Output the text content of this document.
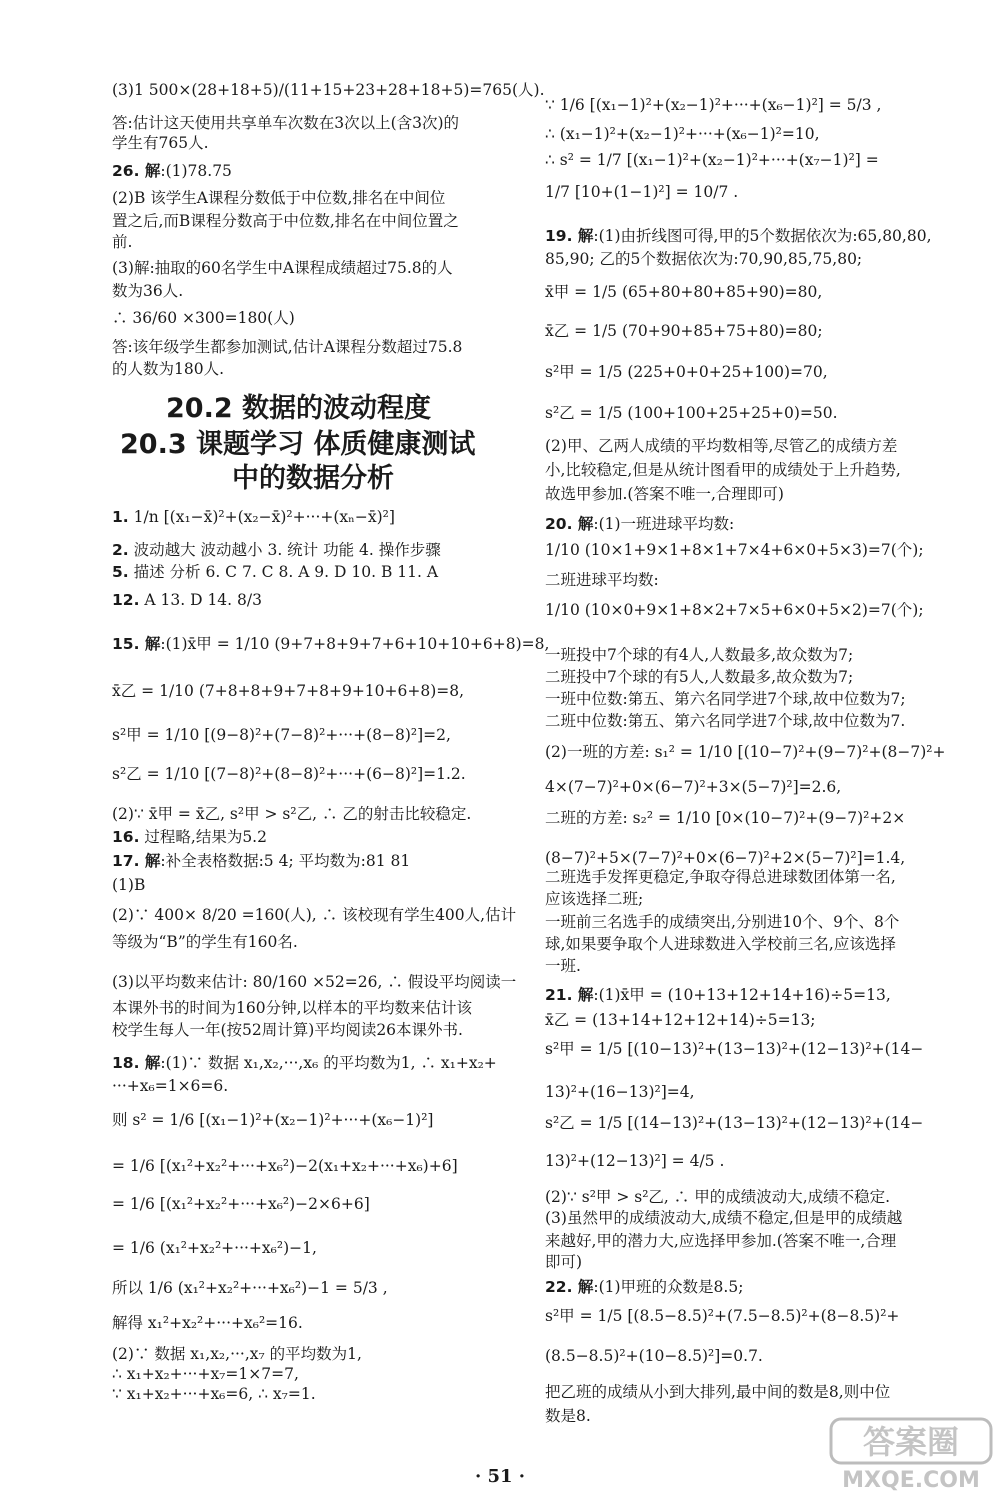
(3)1 500×(28+18+5)/(11+15+23+28+18+5)=765(人).
答:估计这天使用共享单车次数在3次以上(含3次)的
学生有765人.
26. 解:(1)78.75
(2)B 该学生A课程分数低于中位数,排名在中间位
置之后,而B课程分数高于中位数,排名在中间位置之
前.
(3)解:抽取的60名学生中A课程成绩超过75.8的人
数为36人.
∴ 36/60 ×300=180(人)
答:该年级学生都参加测试,估计A课程分数超过75.8
的人数为180人.
1. 1/n [(x₁−x̄)²+(x₂−x̄)²+···+(xₙ−x̄)²]
2. 波动越大 波动越小 3. 统计 功能 4. 操作步骤
5. 描述 分析 6. C 7. C 8. A 9. D 10. B 11. A
12. A 13. D 14. 8/3
15. 解:(1)x̄甲 = 1/10 (9+7+8+9+7+6+10+10+6+8)=8,
x̄乙 = 1/10 (7+8+8+9+7+8+9+10+6+8)=8,
s²甲 = 1/10 [(9−8)²+(7−8)²+···+(8−8)²]=2,
s²乙 = 1/10 [(7−8)²+(8−8)²+···+(6−8)²]=1.2.
(2)∵ x̄甲 = x̄乙, s²甲 > s²乙, ∴ 乙的射击比较稳定.
16. 过程略,结果为5.2
17. 解:补全表格数据:5 4; 平均数为:81 81
(1)B
(2)∵ 400× 8/20 =160(人), ∴ 该校现有学生400人,估计
等级为“B”的学生有160名.
(3)以平均数来估计: 80/160 ×52=26, ∴ 假设平均阅读一
本课外书的时间为160分钟,以样本的平均数来估计该
校学生每人一年(按52周计算)平均阅读26本课外书.
18. 解:(1)∵ 数据 x₁,x₂,···,x₆ 的平均数为1, ∴ x₁+x₂+
···+x₆=1×6=6.
则 s² = 1/6 [(x₁−1)²+(x₂−1)²+···+(x₆−1)²]
= 1/6 [(x₁²+x₂²+···+x₆²)−2(x₁+x₂+···+x₆)+6]
= 1/6 [(x₁²+x₂²+···+x₆²)−2×6+6]
= 1/6 (x₁²+x₂²+···+x₆²)−1,
所以 1/6 (x₁²+x₂²+···+x₆²)−1 = 5/3 ,
解得 x₁²+x₂²+···+x₆²=16.
(2)∵ 数据 x₁,x₂,···,x₇ 的平均数为1,
∴ x₁+x₂+···+x₇=1×7=7,
∵ x₁+x₂+···+x₆=6, ∴ x₇=1.
∵ 1/6 [(x₁−1)²+(x₂−1)²+···+(x₆−1)²] = 5/3 ,
∴ (x₁−1)²+(x₂−1)²+···+(x₆−1)²=10,
∴ s² = 1/7 [(x₁−1)²+(x₂−1)²+···+(x₇−1)²] =
1/7 [10+(1−1)²] = 10/7 .
19. 解:(1)由折线图可得,甲的5个数据依次为:65,80,80,
85,90; 乙的5个数据依次为:70,90,85,75,80;
x̄甲 = 1/5 (65+80+80+85+90)=80,
x̄乙 = 1/5 (70+90+85+75+80)=80;
s²甲 = 1/5 (225+0+0+25+100)=70,
s²乙 = 1/5 (100+100+25+25+0)=50.
(2)甲、乙两人成绩的平均数相等,尽管乙的成绩方差
小,比较稳定,但是从统计图看甲的成绩处于上升趋势,
故选甲参加.(答案不唯一,合理即可)
20. 解:(1)一班进球平均数:
1/10 (10×1+9×1+8×1+7×4+6×0+5×3)=7(个);
二班进球平均数:
1/10 (10×0+9×1+8×2+7×5+6×0+5×2)=7(个);
一班投中7个球的有4人,人数最多,故众数为7;
二班投中7个球的有5人,人数最多,故众数为7;
一班中位数:第五、第六名同学进7个球,故中位数为7;
二班中位数:第五、第六名同学进7个球,故中位数为7.
(2)一班的方差: s₁² = 1/10 [(10−7)²+(9−7)²+(8−7)²+
4×(7−7)²+0×(6−7)²+3×(5−7)²]=2.6,
二班的方差: s₂² = 1/10 [0×(10−7)²+(9−7)²+2×
(8−7)²+5×(7−7)²+0×(6−7)²+2×(5−7)²]=1.4,
二班选手发挥更稳定,争取夺得总进球数团体第一名,
应该选择二班;
一班前三名选手的成绩突出,分别进10个、9个、8个
球,如果要争取个人进球数进入学校前三名,应该选择
一班.
21. 解:(1)x̄甲 = (10+13+12+14+16)÷5=13,
x̄乙 = (13+14+12+12+14)÷5=13;
s²甲 = 1/5 [(10−13)²+(13−13)²+(12−13)²+(14−
13)²+(16−13)²]=4,
s²乙 = 1/5 [(14−13)²+(13−13)²+(12−13)²+(14−
13)²+(12−13)²] = 4/5 .
(2)∵ s²甲 > s²乙, ∴ 甲的成绩波动大,成绩不稳定.
(3)虽然甲的成绩波动大,成绩不稳定,但是甲的成绩越
来越好,甲的潜力大,应选择甲参加.(答案不唯一,合理
即可)
22. 解:(1)甲班的众数是8.5;
s²甲 = 1/5 [(8.5−8.5)²+(7.5−8.5)²+(8−8.5)²+
(8.5−8.5)²+(10−8.5)²]=0.7.
把乙班的成绩从小到大排列,最中间的数是8,则中位
数是8.
20.2 数据的波动程度
20.3 课题学习 体质健康测试
中的数据分析
· 51 ·
答案圈
MXQE.COM
